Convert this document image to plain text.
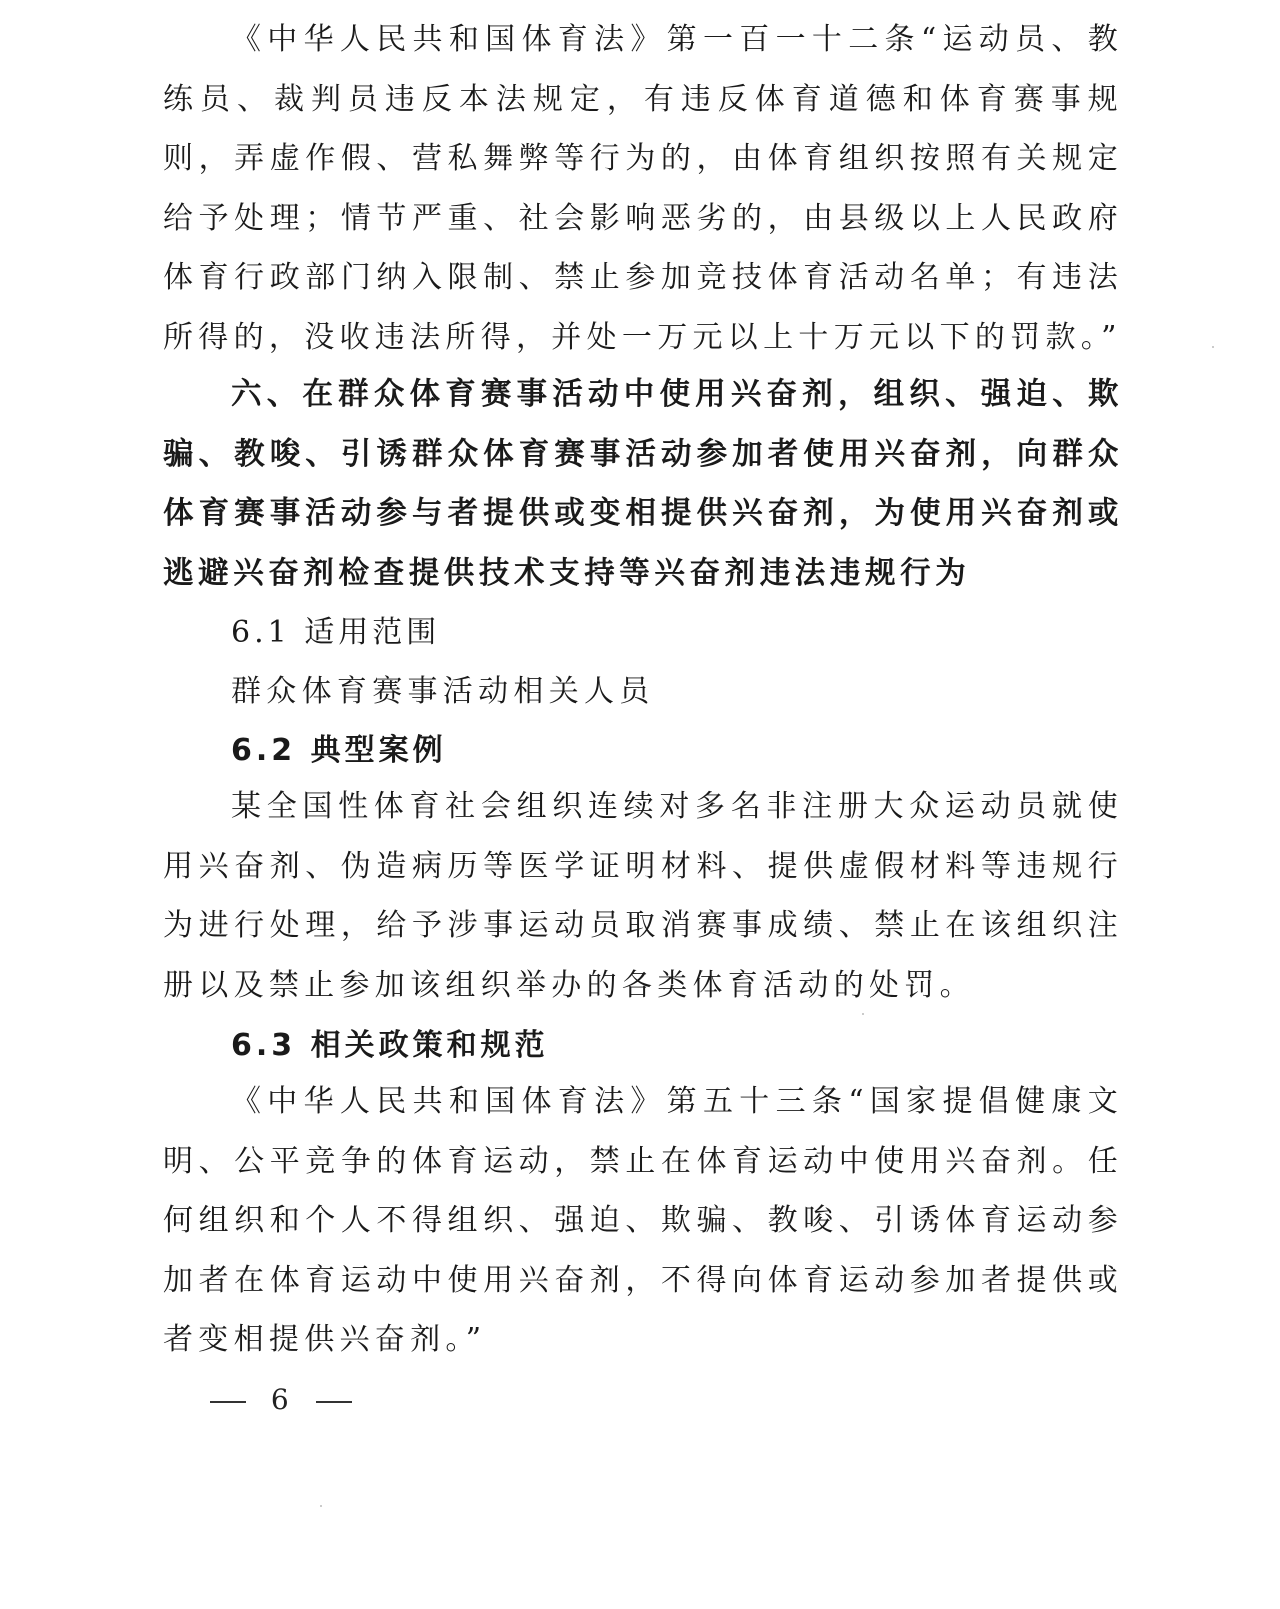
《中华人民共和国体育法》第一百一十二条“运动员、教练员、裁判员违反本法规定，有违反体育道德和体育赛事规则，弄虚作假、营私舞弊等行为的，由体育组织按照有关规定给予处理；情节严重、社会影响恶劣的，由县级以上人民政府体育行政部门纳入限制、禁止参加竞技体育活动名单；有违法所得的，没收违法所得，并处一万元以上十万元以下的罚款。”

六、在群众体育赛事活动中使用兴奋剂，组织、强迫、欺骗、教唆、引诱群众体育赛事活动参加者使用兴奋剂，向群众体育赛事活动参与者提供或变相提供兴奋剂，为使用兴奋剂或逃避兴奋剂检查提供技术支持等兴奋剂违法违规行为

6.1 适用范围

群众体育赛事活动相关人员

6.2 典型案例

某全国性体育社会组织连续对多名非注册大众运动员就使用兴奋剂、伪造病历等医学证明材料、提供虚假材料等违规行为进行处理，给予涉事运动员取消赛事成绩、禁止在该组织注册以及禁止参加该组织举办的各类体育活动的处罚。

6.3 相关政策和规范

《中华人民共和国体育法》第五十三条“国家提倡健康文明、公平竞争的体育运动，禁止在体育运动中使用兴奋剂。任何组织和个人不得组织、强迫、欺骗、教唆、引诱体育运动参加者在体育运动中使用兴奋剂，不得向体育运动参加者提供或者变相提供兴奋剂。”

6
